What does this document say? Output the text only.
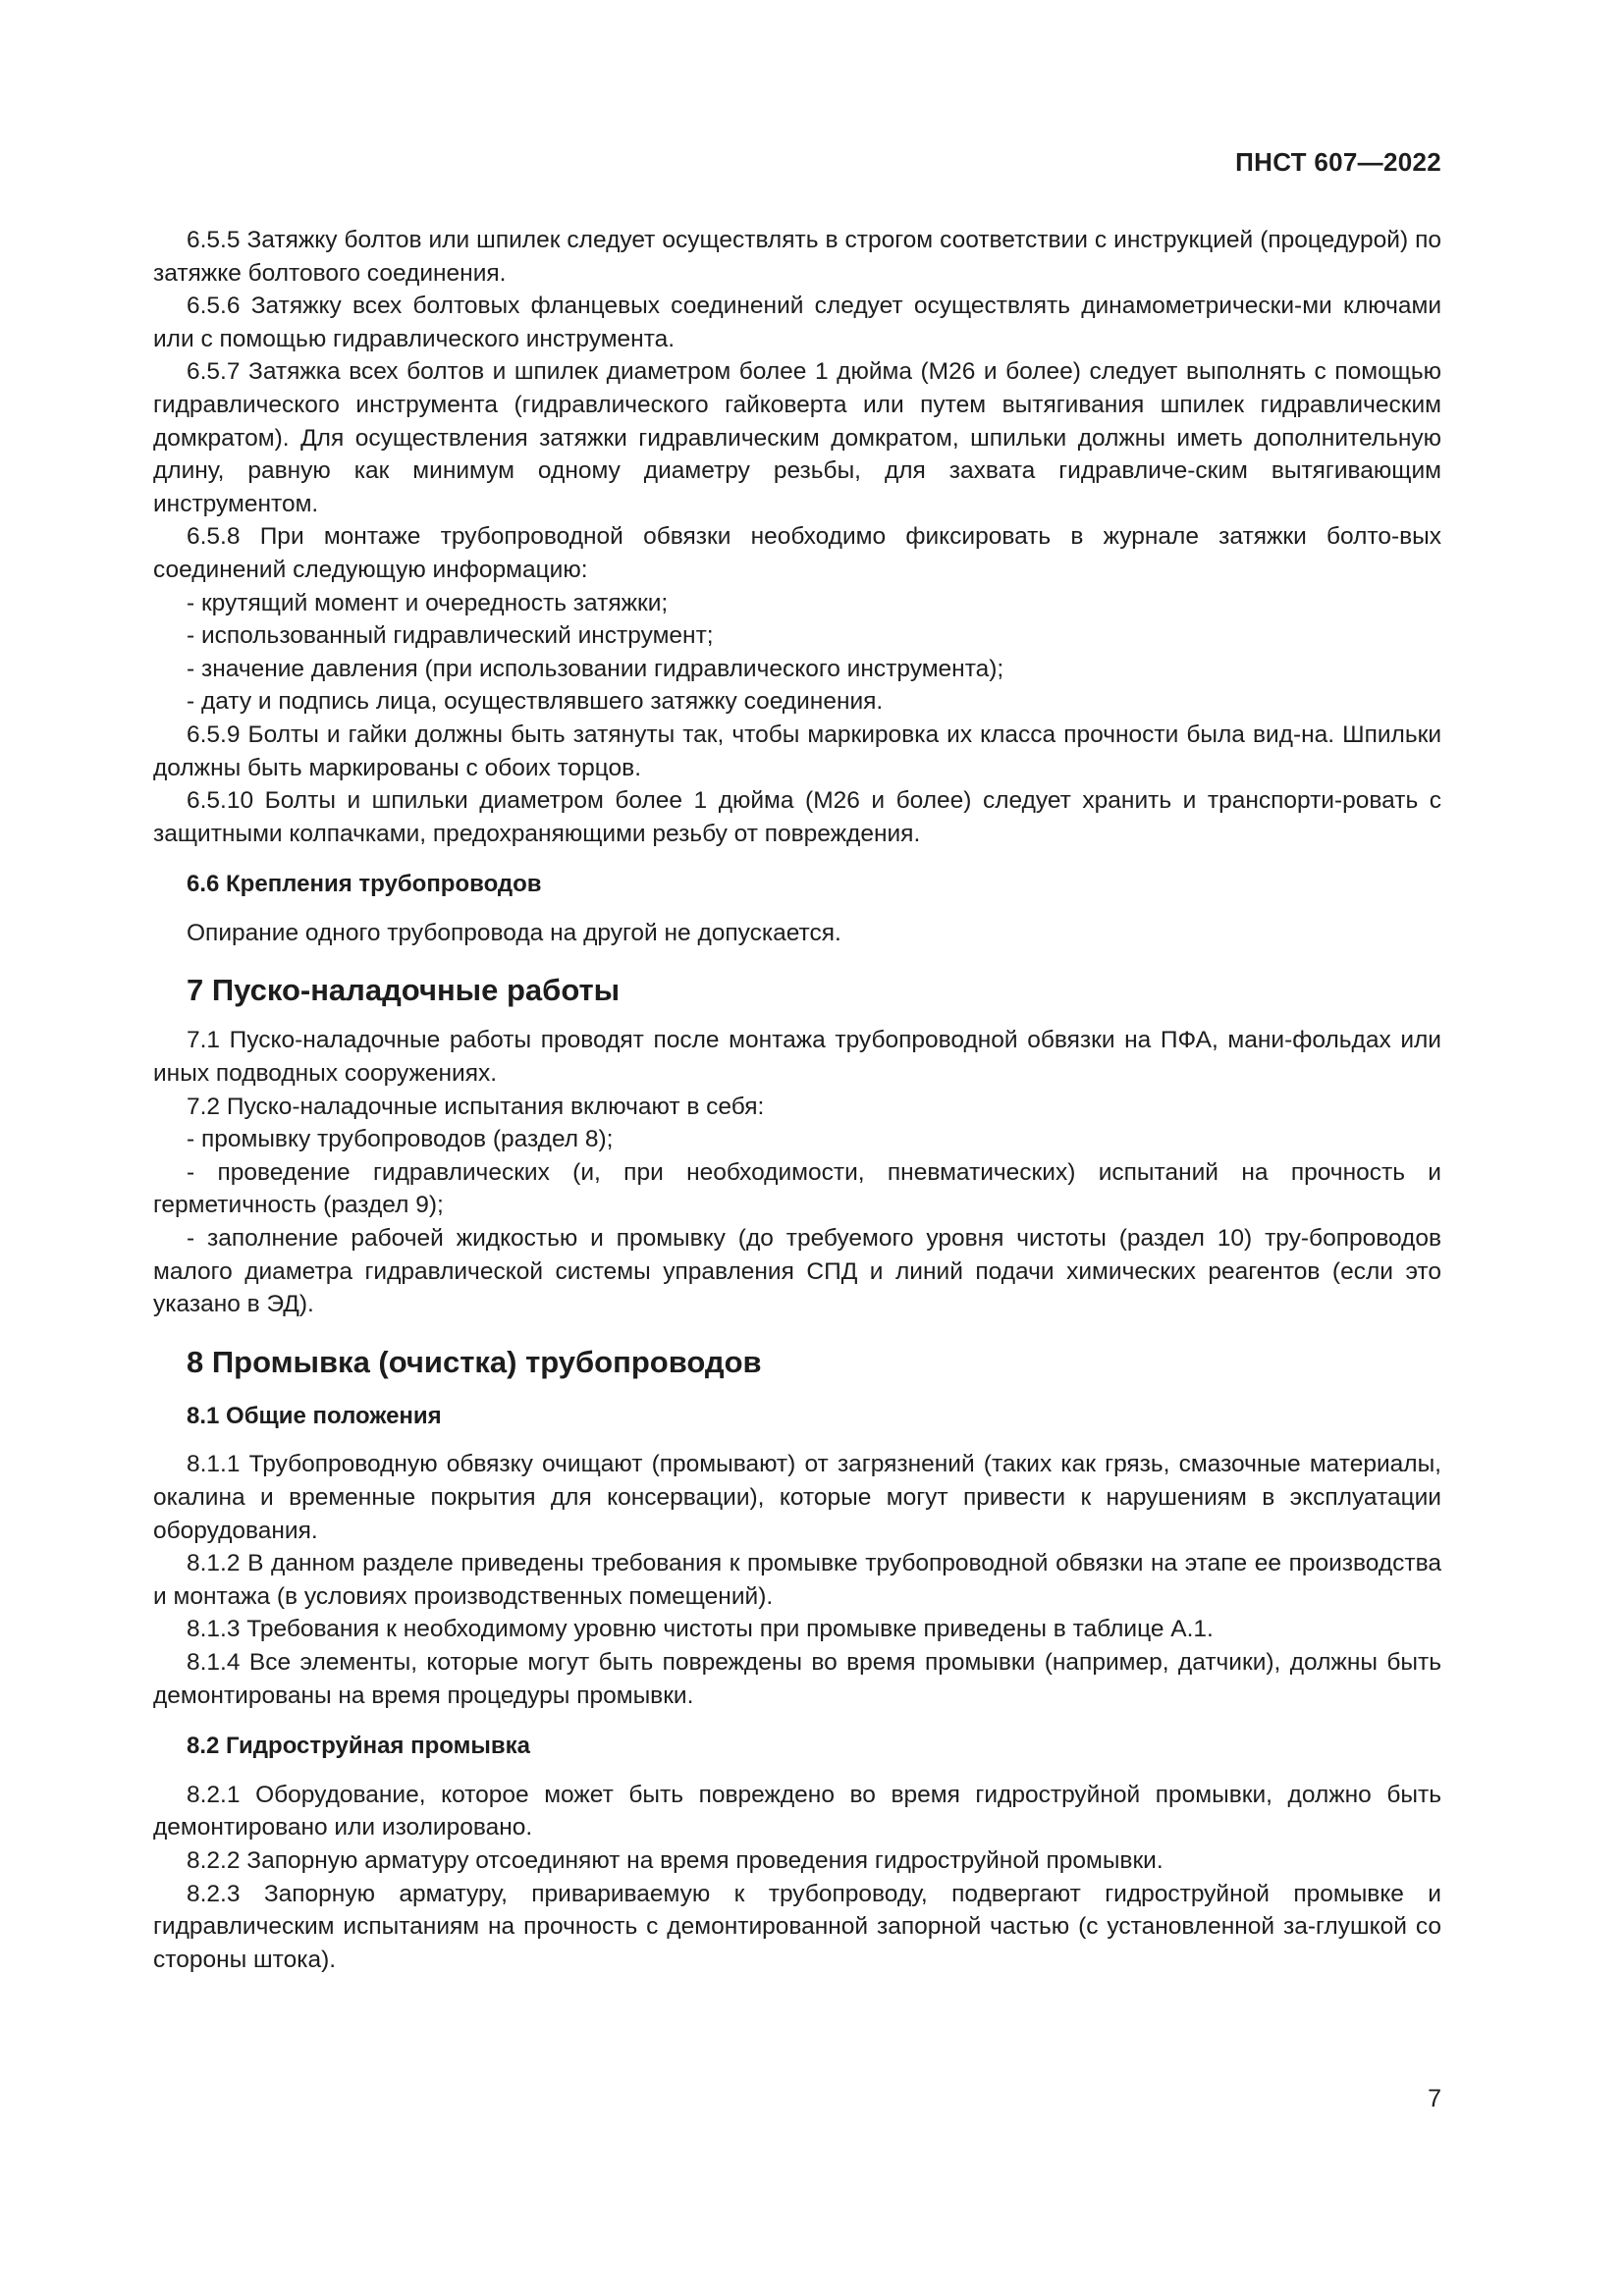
ПНСТ 607—2022

6.5.5 Затяжку болтов или шпилек следует осуществлять в строгом соответствии с инструкцией (процедурой) по затяжке болтового соединения.

6.5.6 Затяжку всех болтовых фланцевых соединений следует осуществлять динамометрически-ми ключами или с помощью гидравлического инструмента.

6.5.7 Затяжка всех болтов и шпилек диаметром более 1 дюйма (М26 и более) следует выполнять с помощью гидравлического инструмента (гидравлического гайковерта или путем вытягивания шпилек гидравлическим домкратом). Для осуществления затяжки гидравлическим домкратом, шпильки должны иметь дополнительную длину, равную как минимум одному диаметру резьбы, для захвата гидравличе-ским вытягивающим инструментом.

6.5.8 При монтаже трубопроводной обвязки необходимо фиксировать в журнале затяжки болто-вых соединений следующую информацию:

- крутящий момент и очередность затяжки;

- использованный гидравлический инструмент;

- значение давления (при использовании гидравлического инструмента);

- дату и подпись лица, осуществлявшего затяжку соединения.

6.5.9 Болты и гайки должны быть затянуты так, чтобы маркировка их класса прочности была вид-на. Шпильки должны быть маркированы с обоих торцов.

6.5.10 Болты и шпильки диаметром более 1 дюйма (М26 и более) следует хранить и транспорти-ровать с защитными колпачками, предохраняющими резьбу от повреждения.

6.6 Крепления трубопроводов

Опирание одного трубопровода на другой не допускается.

7 Пуско-наладочные работы

7.1 Пуско-наладочные работы проводят после монтажа трубопроводной обвязки на ПФА, мани-фольдах или иных подводных сооружениях.

7.2 Пуско-наладочные испытания включают в себя:

- промывку трубопроводов (раздел 8);

- проведение гидравлических (и, при необходимости, пневматических) испытаний на прочность и герметичность (раздел 9);

- заполнение рабочей жидкостью и промывку (до требуемого уровня чистоты (раздел 10) тру-бопроводов малого диаметра гидравлической системы управления СПД и линий подачи химических реагентов (если это указано в ЭД).

8 Промывка (очистка) трубопроводов
8.1 Общие положения

8.1.1 Трубопроводную обвязку очищают (промывают) от загрязнений (таких как грязь, смазочные материалы, окалина и временные покрытия для консервации), которые могут привести к нарушениям в эксплуатации оборудования.

8.1.2 В данном разделе приведены требования к промывке трубопроводной обвязки на этапе ее производства и монтажа (в условиях производственных помещений).

8.1.3 Требования к необходимому уровню чистоты при промывке приведены в таблице А.1.

8.1.4 Все элементы, которые могут быть повреждены во время промывки (например, датчики), должны быть демонтированы на время процедуры промывки.

8.2 Гидроструйная промывка

8.2.1 Оборудование, которое может быть повреждено во время гидроструйной промывки, должно быть демонтировано или изолировано.

8.2.2 Запорную арматуру отсоединяют на время проведения гидроструйной промывки.

8.2.3 Запорную арматуру, привариваемую к трубопроводу, подвергают гидроструйной промывке и гидравлическим испытаниям на прочность с демонтированной запорной частью (с установленной за-глушкой со стороны штока).

7
